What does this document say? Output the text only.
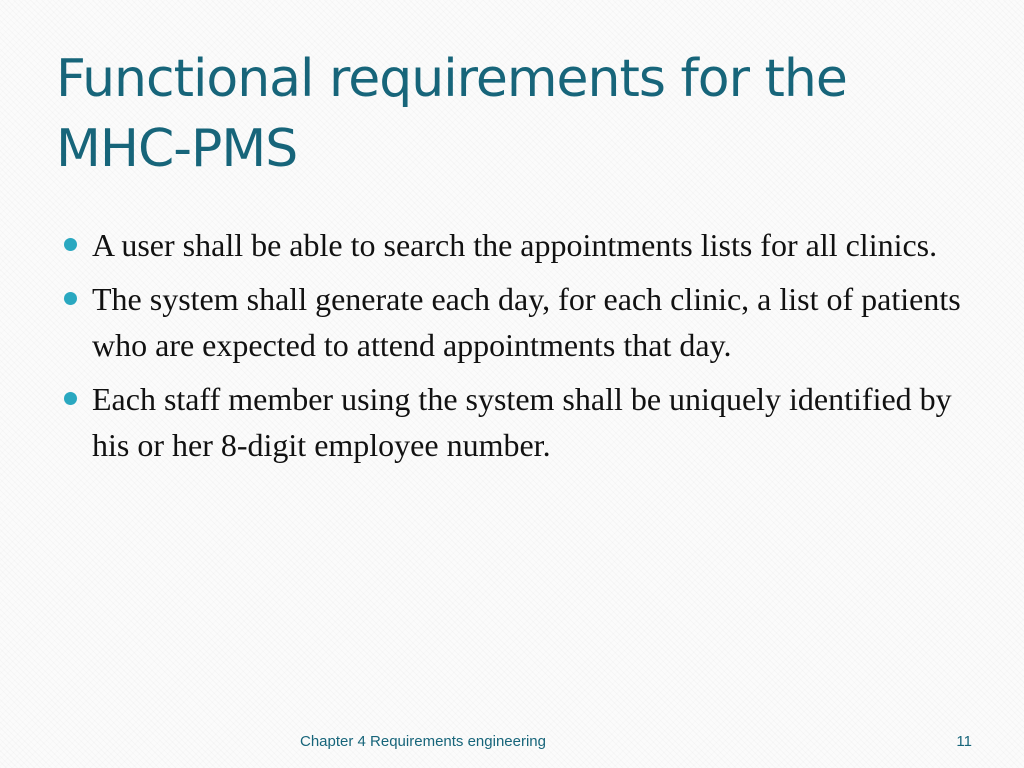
Functional requirements for the
MHC-PMS
A user shall be able to search the appointments lists for all clinics.
The system shall generate each day, for each clinic, a list of patients who are expected to attend appointments that day.
Each staff member using the system shall be uniquely identified by his or her 8-digit employee number.
Chapter 4 Requirements engineering	11
